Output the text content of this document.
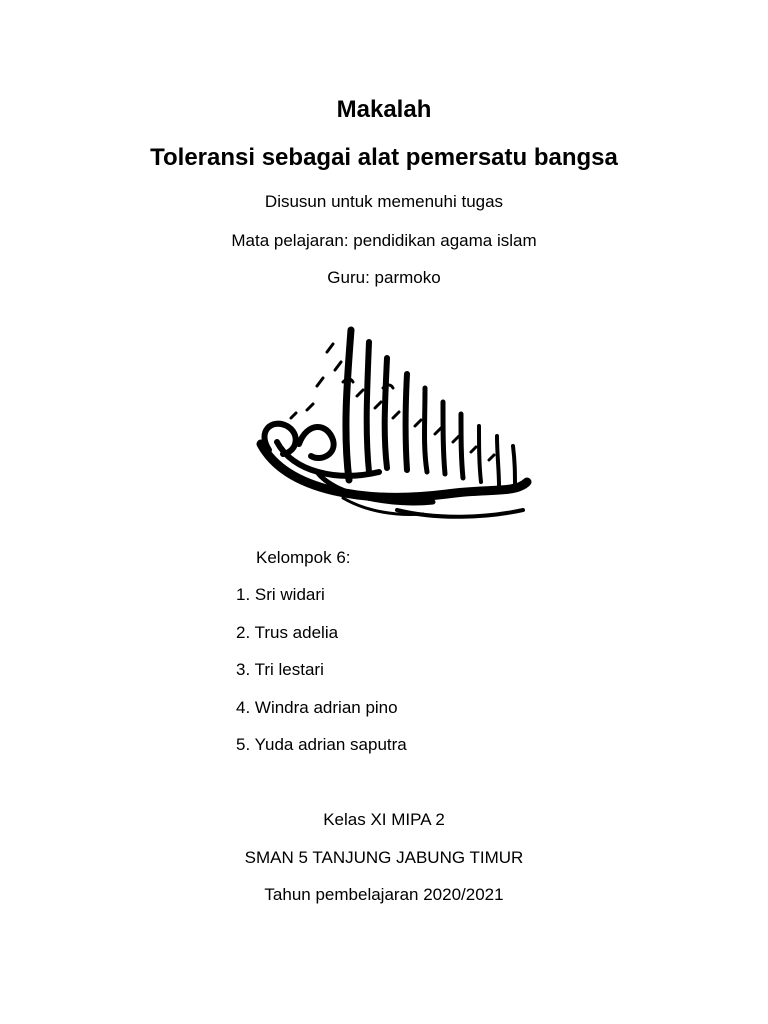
Makalah
Toleransi sebagai alat pemersatu bangsa
Disusun untuk memenuhi tugas
Mata pelajaran: pendidikan agama islam
Guru: parmoko
Kelompok 6:
1. Sri widari
2. Trus adelia
3. Tri lestari
4. Windra adrian pino
5. Yuda adrian saputra
Kelas XI MIPA 2
SMAN 5 TANJUNG JABUNG TIMUR
Tahun pembelajaran 2020/2021
